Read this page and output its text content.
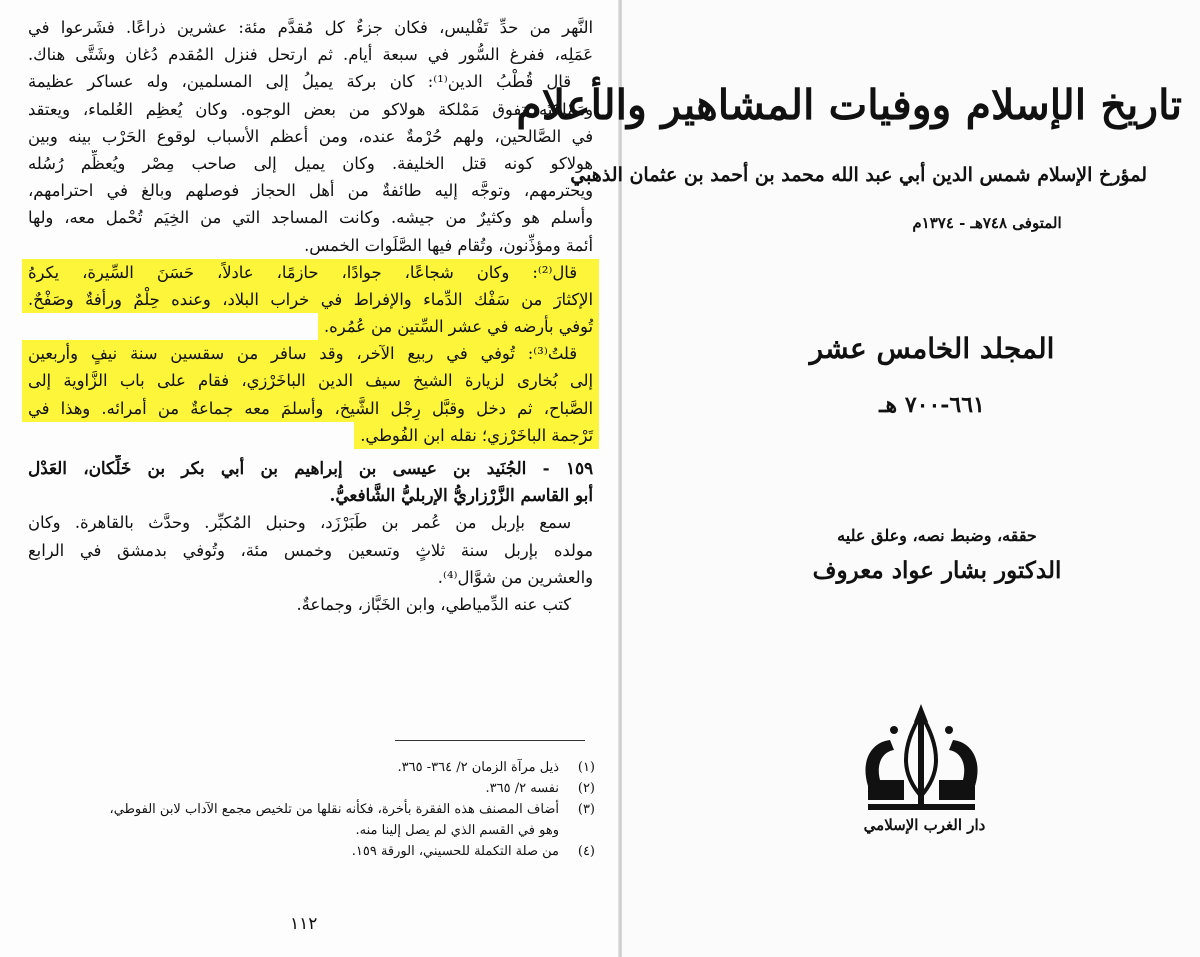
النَّهر من حدِّ تَفْليس، فكان جزءٌ كل مُقدَّم مئة: عشرين ذراعًا. فشَرعوا في
عَمَلِه، ففرغ السُّور في سبعة أيام. ثم ارتحل فنزل المُقدم دُغان وشَتَّى هناك.
قال قُطْبُ الدين⁽¹⁾: كان بركة يميلُ إلى المسلمين، وله عساكر عظيمة
ومَمْلكتُه تفوق مَمْلكة هولاكو من بعض الوجوه. وكان يُعظِم العُلماء، ويعتقد
في الصَّالحين، ولهم حُرْمةٌ عنده، ومن أعظم الأسباب لوقوع الحَرْب بينه وبين
هولاكو كونه قتل الخليفة. وكان يميل إلى صاحب مِصْر ويُعظِّم رُسُله
ويحترمهم، وتوجَّه إليه طائفةٌ من أهل الحجاز فوصلهم وبالغ في احترامهم،
وأسلم هو وكثيرٌ من جيشه. وكانت المساجد التي من الخِيَم تُحْمل معه، ولها
أئمة ومؤذِّنون، وتُقام فيها الصَّلَوات الخمس.
قال⁽²⁾: وكان شجاعًا، جوادًا، حازمًا، عادلاً، حَسَنَ السِّيرة، يكرهُ
الإكثارَ من سَفْك الدِّماء والإفراط في خراب البلاد، وعنده حِلْمٌ ورأفةٌ وصَفْحٌ.
تُوفي بأرضه في عشر السِّتين من عُمُره.
قلتُ⁽³⁾: تُوفي في ربيع الآخر، وقد سافر من سقسين سنة نيفٍ وأربعين
إلى بُخارى لزيارة الشيخ سيف الدين الباخَرْزي، فقام على باب الزَّاوية إلى
الصَّباح، ثم دخل وقبَّل رِجْل الشَّيخ، وأسلمَ معه جماعةٌ من أمرائه. وهذا في
تَرْجمة الباخَرْزي؛ نقله ابن الفُوطي.
١٥٩ - الجُنَيد بن عيسى بن إبراهيم بن أبي بكر بن خَلِّكان، العَدْل
أبو القاسم الزَّرْزاريُّ الإربليُّ الشَّافعيُّ.
سمع بإربل من عُمر بن طَبَرْزَد، وحنبل المُكبِّر. وحدَّث بالقاهرة. وكان
مولده بإربل سنة ثلاثٍ وتسعين وخمس مئة، وتُوفي بدمشق في الرابع
والعشرين من شوَّال⁽⁴⁾.
كتب عنه الدِّمياطي، وابن الخَبَّاز، وجماعةٌ.
(١)
ذيل مرآة الزمان ٢/ ٣٦٤- ٣٦٥.
(٢)
نفسه ٢/ ٣٦٥.
(٣)
أضاف المصنف هذه الفقرة بأخرة، فكأنه نقلها من تلخيص مجمع الآداب لابن الفوطي،
وهو في القسم الذي لم يصل إلينا منه.
(٤)
من صلة التكملة للحسيني، الورقة ١٥٩.
١١٢
تاريخ الإسلام ووفيات المشاهير والأعلام
لمؤرخ الإسلام شمس الدين أبي عبد الله محمد بن أحمد بن عثمان الذهبي
المتوفى ٧٤٨هـ - ١٣٧٤م
المجلد الخامس عشر
٦٦١-٧٠٠ هـ
حققه، وضبط نصه، وعلق عليه
الدكتور بشار عواد معروف
دار الغرب الإسلامي
